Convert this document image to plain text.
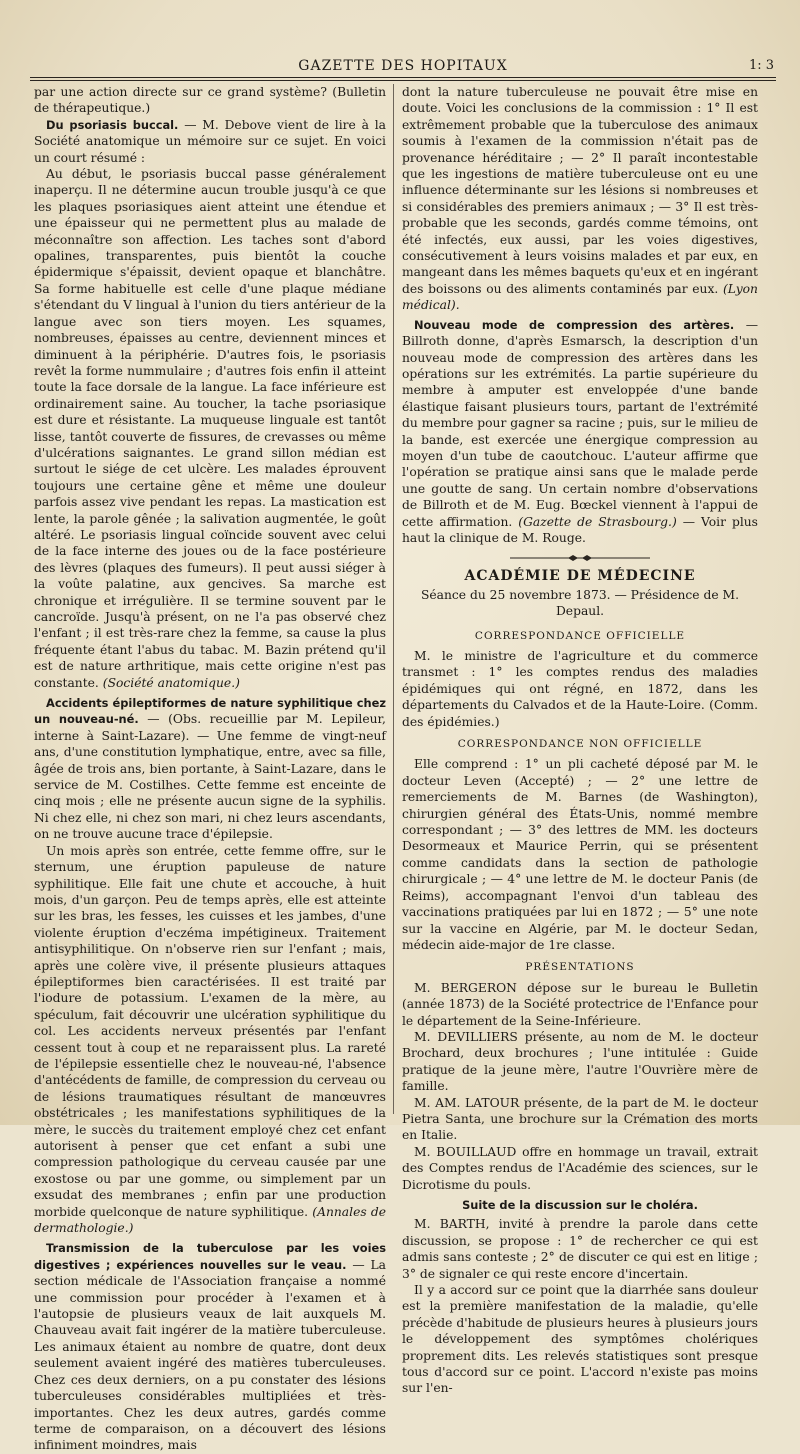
GAZETTE DES HOPITAUX	1: 3

par une action directe sur ce grand système? (Bulletin de thérapeutique.)

Du psoriasis buccal. — M. Debove vient de lire à la Société anatomique un mémoire sur ce sujet. En voici un court résumé :

Au début, le psoriasis buccal passe généralement inaperçu. Il ne détermine aucun trouble jusqu'à ce que les plaques psoriasiques aient atteint une étendue et une épaisseur qui ne permettent plus au malade de méconnaître son affection. Les taches sont d'abord opalines, transparentes, puis bientôt la couche épidermique s'épaissit, devient opaque et blanchâtre. Sa forme habituelle est celle d'une plaque médiane s'étendant du V lingual à l'union du tiers antérieur de la langue avec son tiers moyen. Les squames, nombreuses, épaisses au centre, deviennent minces et diminuent à la périphérie. D'autres fois, le psoriasis revêt la forme nummulaire ; d'autres fois enfin il atteint toute la face dorsale de la langue. La face inférieure est ordinairement saine. Au toucher, la tache psoriasique est dure et résistante. La muqueuse linguale est tantôt lisse, tantôt couverte de fissures, de crevasses ou même d'ulcérations saignantes. Le grand sillon médian est surtout le siége de cet ulcère. Les malades éprouvent toujours une certaine gêne et même une douleur parfois assez vive pendant les repas. La mastication est lente, la parole gênée ; la salivation augmentée, le goût altéré. Le psoriasis lingual coïncide souvent avec celui de la face interne des joues ou de la face postérieure des lèvres (plaques des fumeurs). Il peut aussi siéger à la voûte palatine, aux gencives. Sa marche est chronique et irrégulière. Il se termine souvent par le cancroïde. Jusqu'à présent, on ne l'a pas observé chez l'enfant ; il est très-rare chez la femme, sa cause la plus fréquente étant l'abus du tabac. M. Bazin prétend qu'il est de nature arthritique, mais cette origine n'est pas constante. (Société anatomique.)

Accidents épileptiformes de nature syphilitique chez un nouveau-né. — (Obs. recueillie par M. Lepileur, interne à Saint-Lazare). — Une femme de vingt-neuf ans, d'une constitution lymphatique, entre, avec sa fille, âgée de trois ans, bien portante, à Saint-Lazare, dans le service de M. Costilhes. Cette femme est enceinte de cinq mois ; elle ne présente aucun signe de la syphilis. Ni chez elle, ni chez son mari, ni chez leurs ascendants, on ne trouve aucune trace d'épilepsie.

Un mois après son entrée, cette femme offre, sur le sternum, une éruption papuleuse de nature syphilitique. Elle fait une chute et accouche, à huit mois, d'un garçon. Peu de temps après, elle est atteinte sur les bras, les fesses, les cuisses et les jambes, d'une violente éruption d'eczéma impétigineux. Traitement antisyphilitique. On n'observe rien sur l'enfant ; mais, après une colère vive, il présente plusieurs attaques épileptiformes bien caractérisées. Il est traité par l'iodure de potassium. L'examen de la mère, au spéculum, fait découvrir une ulcération syphilitique du col. Les accidents nerveux présentés par l'enfant cessent tout à coup et ne reparaissent plus. La rareté de l'épilepsie essentielle chez le nouveau-né, l'absence d'antécédents de famille, de compression du cerveau ou de lésions traumatiques résultant de manœuvres obstétricales ; les manifestations syphilitiques de la mère, le succès du traitement employé chez cet enfant autorisent à penser que cet enfant a subi une compression pathologique du cerveau causée par une exostose ou par une gomme, ou simplement par un exsudat des membranes ; enfin par une production morbide quelconque de nature syphilitique. (Annales de dermathologie.)

Transmission de la tuberculose par les voies digestives ; expériences nouvelles sur le veau. — La section médicale de l'Association française a nommé une commission pour procéder à l'examen et à l'autopsie de plusieurs veaux de lait auxquels M. Chauveau avait fait ingérer de la matière tuberculeuse. Les animaux étaient au nombre de quatre, dont deux seulement avaient ingéré des matières tuberculeuses. Chez ces deux derniers, on a pu constater des lésions tuberculeuses considérables multipliées et très-importantes. Chez les deux autres, gardés comme terme de comparaison, on a découvert des lésions infiniment moindres, mais

dont la nature tuberculeuse ne pouvait être mise en doute. Voici les conclusions de la commission : 1° Il est extrêmement probable que la tuberculose des animaux soumis à l'examen de la commission n'était pas de provenance héréditaire ; — 2° Il paraît incontestable que les ingestions de matière tuberculeuse ont eu une influence déterminante sur les lésions si nombreuses et si considérables des premiers animaux ; — 3° Il est très-probable que les seconds, gardés comme témoins, ont été infectés, eux aussi, par les voies digestives, consécutivement à leurs voisins malades et par eux, en mangeant dans les mêmes baquets qu'eux et en ingérant des boissons ou des aliments contaminés par eux. (Lyon médical).

Nouveau mode de compression des artères. — Billroth donne, d'après Esmarsch, la description d'un nouveau mode de compression des artères dans les opérations sur les extrémités. La partie supérieure du membre à amputer est enveloppée d'une bande élastique faisant plusieurs tours, partant de l'extrémité du membre pour gagner sa racine ; puis, sur le milieu de la bande, est exercée une énergique compression au moyen d'un tube de caoutchouc. L'auteur affirme que l'opération se pratique ainsi sans que le malade perde une goutte de sang. Un certain nombre d'observations de Billroth et de M. Eug. Bœckel viennent à l'appui de cette affirmation. (Gazette de Strasbourg.) — Voir plus haut la clinique de M. Rouge.

ACADÉMIE DE MÉDECINE

Séance du 25 novembre 1873. — Présidence de M. Depaul.

CORRESPONDANCE OFFICIELLE

M. le ministre de l'agriculture et du commerce transmet : 1° les comptes rendus des maladies épidémiques qui ont régné, en 1872, dans les départements du Calvados et de la Haute-Loire. (Comm. des épidémies.)

CORRESPONDANCE NON OFFICIELLE

Elle comprend : 1° un pli cacheté déposé par M. le docteur Leven (Accepté) ; — 2° une lettre de remerciements de M. Barnes (de Washington), chirurgien général des États-Unis, nommé membre correspondant ; — 3° des lettres de MM. les docteurs Desormeaux et Maurice Perrin, qui se présentent comme candidats dans la section de pathologie chirurgicale ; — 4° une lettre de M. le docteur Panis (de Reims), accompagnant l'envoi d'un tableau des vaccinations pratiquées par lui en 1872 ; — 5° une note sur la vaccine en Algérie, par M. le docteur Sedan, médecin aide-major de 1re classe.

PRÉSENTATIONS

M. BERGERON dépose sur le bureau le Bulletin (année 1873) de la Société protectrice de l'Enfance pour le département de la Seine-Inférieure.

M. DEVILLIERS présente, au nom de M. le docteur Brochard, deux brochures ; l'une intitulée : Guide pratique de la jeune mère, l'autre l'Ouvrière mère de famille.

M. AM. LATOUR présente, de la part de M. le docteur Pietra Santa, une brochure sur la Crémation des morts en Italie.

M. BOUILLAUD offre en hommage un travail, extrait des Comptes rendus de l'Académie des sciences, sur le Dicrotisme du pouls.

Suite de la discussion sur le choléra.

M. BARTH, invité à prendre la parole dans cette discussion, se propose : 1° de rechercher ce qui est admis sans conteste ; 2° de discuter ce qui est en litige ; 3° de signaler ce qui reste encore d'incertain.

Il y a accord sur ce point que la diarrhée sans douleur est la première manifestation de la maladie, qu'elle précède d'habitude de plusieurs heures à plusieurs jours le développement des symptômes cholériques proprement dits. Les relevés statistiques sont presque tous d'accord sur ce point. L'accord n'existe pas moins sur l'en-
